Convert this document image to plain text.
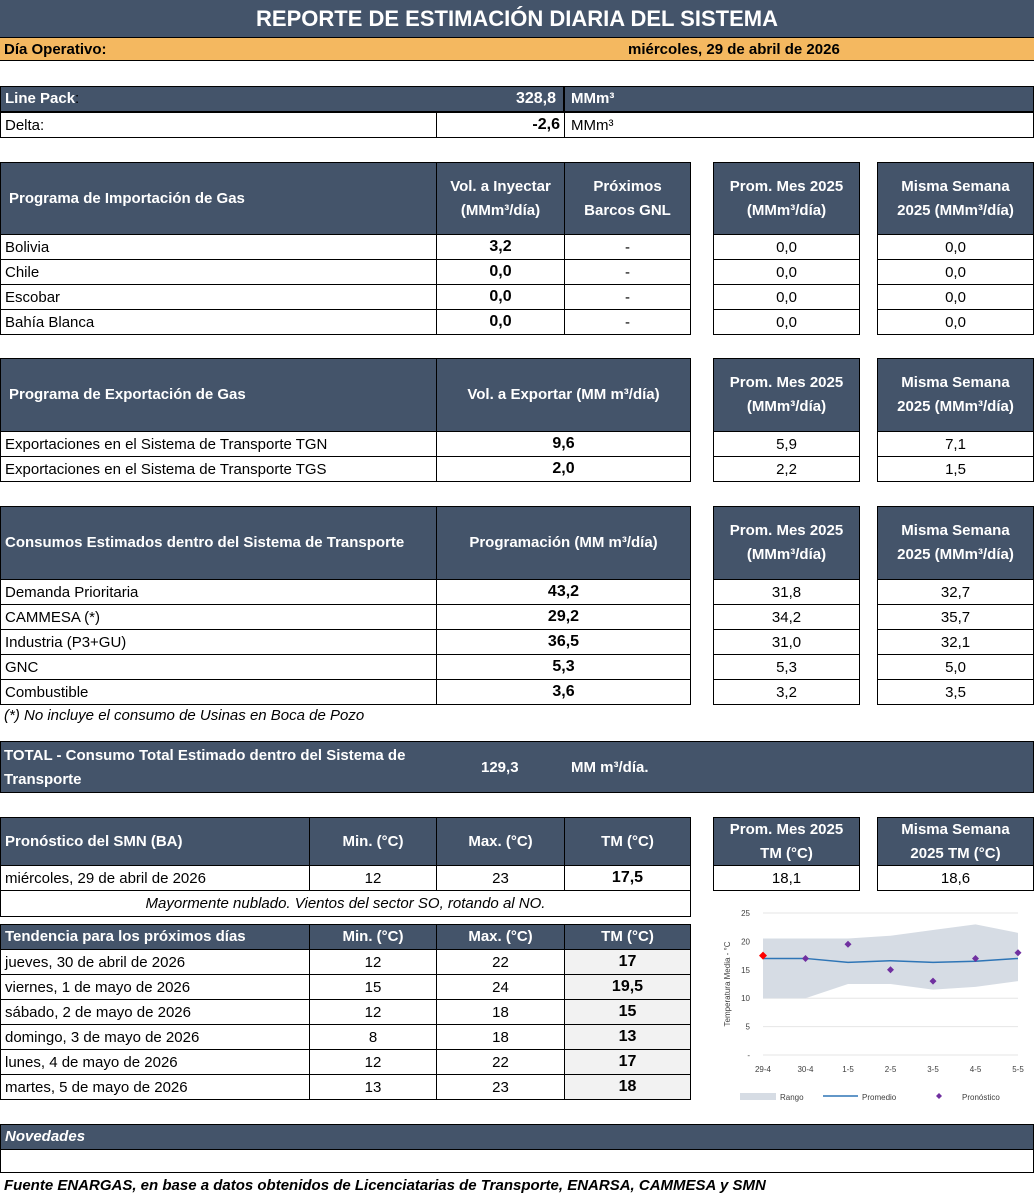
REPORTE DE ESTIMACIÓN DIARIA DEL SISTEMA
Día Operativo:	miércoles, 29 de abril de 2026
Line Pack :	328,8	MMm³
Delta:	-2,6 MMm³
Programa de Importación de Gas
Vol. a Inyectar (MMm³/día)
Próximos Barcos GNL
Prom. Mes 2025 (MMm³/día)
Misma Semana 2025 (MMm³/día)
Bolivia	3,2	-	0,0	0,0
Chile	0,0	-	0,0	0,0
Escobar	0,0	-	0,0	0,0
Bahía Blanca	0,0	-	0,0	0,0
Programa de Exportación de Gas	Vol. a Exportar (MM m³/día)
Prom. Mes 2025 (MMm³/día)
Misma Semana 2025 (MMm³/día)
Exportaciones en el Sistema de Transporte TGN	9,6	5,9	7,1
Exportaciones en el Sistema de Transporte TGS	2,0	2,2	1,5
Consumos Estimados dentro del Sistema de Transporte	Programación (MM m³/día)
Prom. Mes 2025 (MMm³/día)
Misma Semana 2025 (MMm³/día)
Demanda Prioritaria	43,2	31,8	32,7
CAMMESA (*)	29,2	34,2	35,7
Industria (P3+GU)	36,5	31,0	32,1
GNC	5,3	5,3	5,0
Combustible	3,6	3,2	3,5
(*) No incluye el consumo de Usinas en Boca de Pozo
TOTAL - Consumo Total Estimado dentro del Sistema de Transporte
129,3	MM m³/día.
Pronóstico del SMN (BA)	Min. (°C)	Max. (°C)	TM (°C)
Prom. Mes 2025 TM (°C)
Misma Semana 2025 TM (°C)
miércoles, 29 de abril de 2026	12	23	17,5	18,1	18,6
Mayormente nublado. Vientos del sector SO, rotando al NO.
Tendencia para los próximos días	Min. (°C)	Max. (°C)	TM (°C)
jueves, 30 de abril de 2026	12	22	17
viernes, 1 de mayo de 2026	15	24	19,5
sábado, 2 de mayo de 2026	12	18	15
domingo, 3 de mayo de 2026	8	18	13
lunes, 4 de mayo de 2026	12	22	17
martes, 5 de mayo de 2026	13	23	18
-
5
10
15
20
25
29-4	30-4	1-5	2-5	3-5	4-5	5-5
Temperatura Media - °C
Rango	Promedio	Pronóstico
Novedades
Fuente ENARGAS, en base a datos obtenidos de Licenciatarias de Transporte, ENARSA, CAMMESA y SMN
